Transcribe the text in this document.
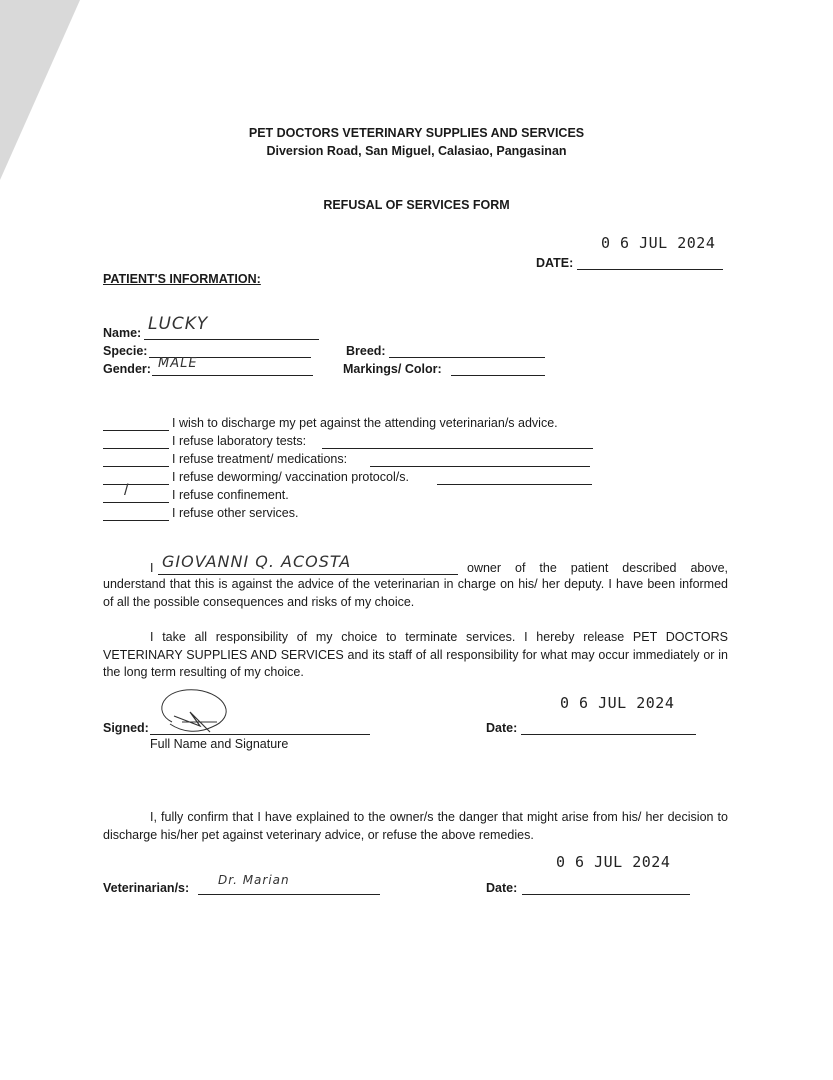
PET DOCTORS VETERINARY SUPPLIES AND SERVICES
Diversion Road, San Miguel, Calasiao, Pangasinan
REFUSAL OF SERVICES FORM
0 6 JUL 2024
DATE:
PATIENT'S INFORMATION:
Name: LUCKY
Specie:
Gender: MALE
Breed:
Markings/ Color:
I wish to discharge my pet against the attending veterinarian/s advice.
I refuse laboratory tests:
I refuse treatment/ medications:
I refuse deworming/ vaccination protocol/s.
/	I refuse confinement.
I refuse other services.
I GIOVANNI Q. ACOSTA	owner of the patient described above,
understand that this is against the advice of the veterinarian in charge on his/ her deputy. I have been informed of all the possible consequences and risks of my choice.
I take all responsibility of my choice to terminate services. I hereby release PET DOCTORS VETERINARY SUPPLIES AND SERVICES and its staff of all responsibility for what may occur immediately or in the long term resulting of my choice.
Signed:
Full Name and Signature
0 6 JUL 2024
Date:
I, fully confirm that I have explained to the owner/s the danger that might arise from his/ her decision to discharge his/her pet against veterinary advice, or refuse the above remedies.
0 6 JUL 2024
Veterinarian/s:
Dr. Marian
Date:
